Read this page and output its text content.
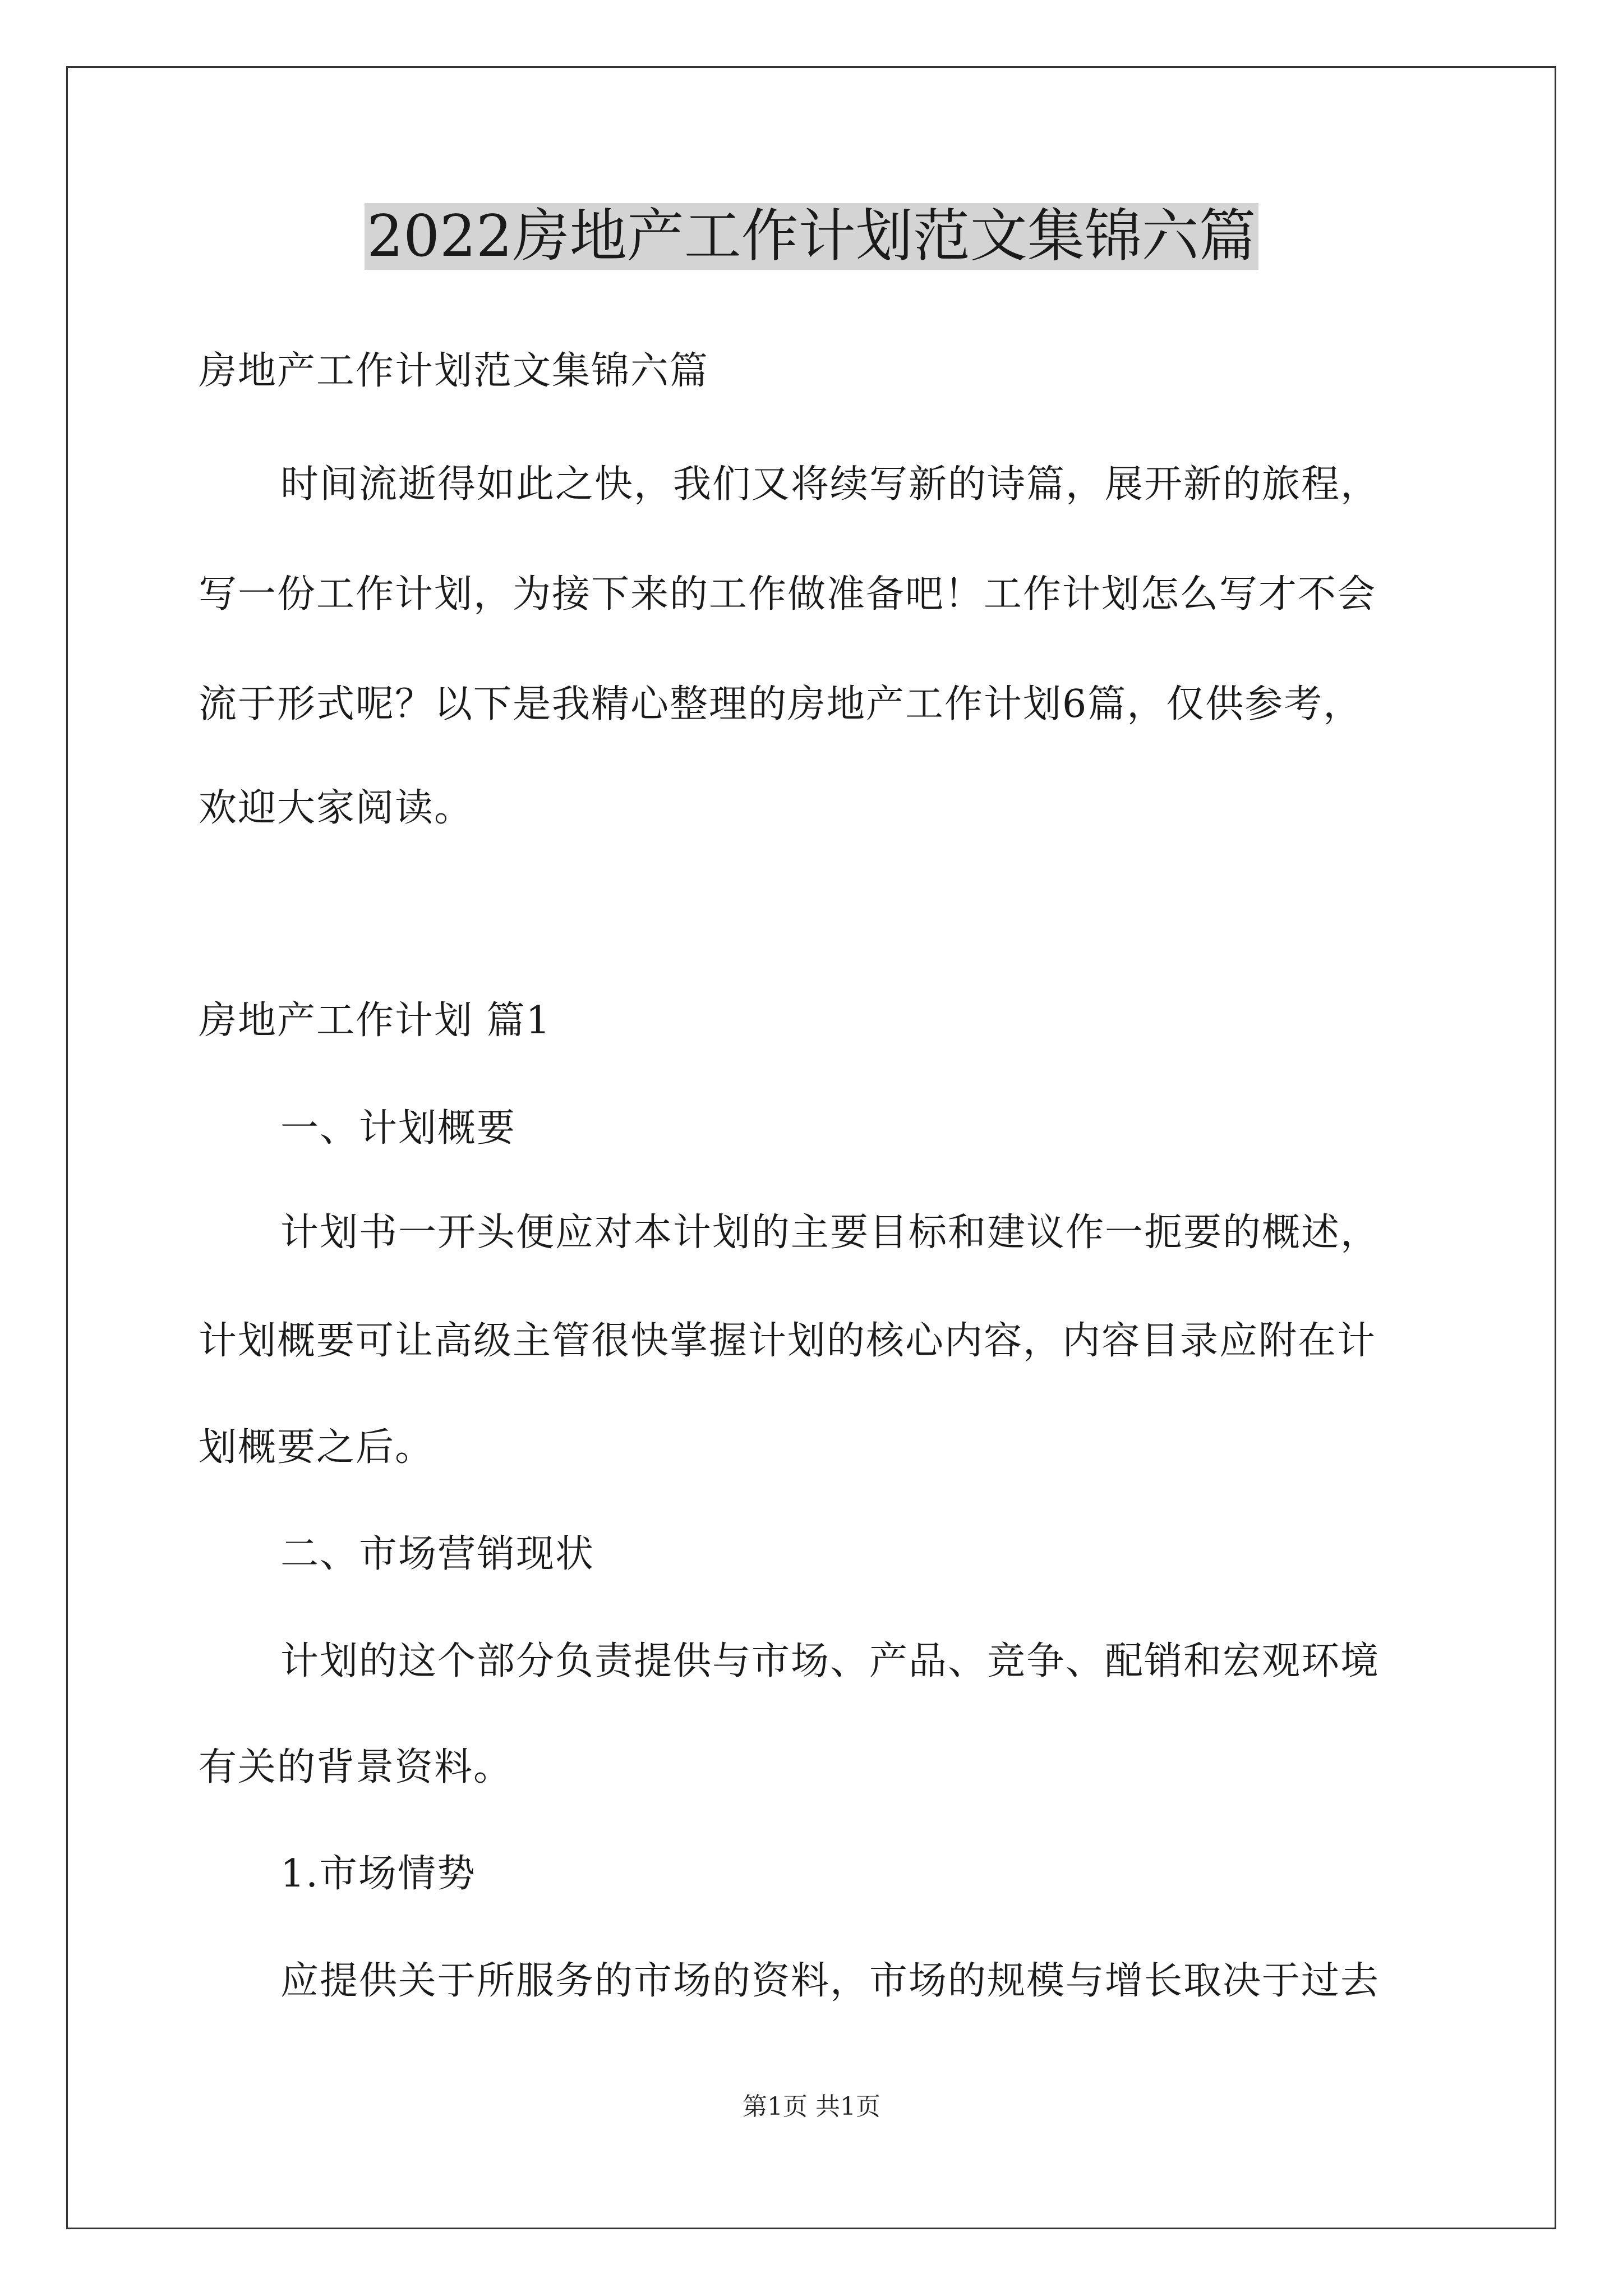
2022房地产工作计划范文集锦六篇
房地产工作计划范文集锦六篇
时间流逝得如此之快，我们又将续写新的诗篇，展开新的旅程，
写一份工作计划，为接下来的工作做准备吧！工作计划怎么写才不会
流于形式呢？以下是我精心整理的房地产工作计划6篇，仅供参考，
欢迎大家阅读。
房地产工作计划 篇1
一、计划概要
计划书一开头便应对本计划的主要目标和建议作一扼要的概述，
计划概要可让高级主管很快掌握计划的核心内容，内容目录应附在计
划概要之后。
二、市场营销现状
计划的这个部分负责提供与市场、产品、竞争、配销和宏观环境
有关的背景资料。
1.市场情势
应提供关于所服务的市场的资料，市场的规模与增长取决于过去
第1页 共1页
